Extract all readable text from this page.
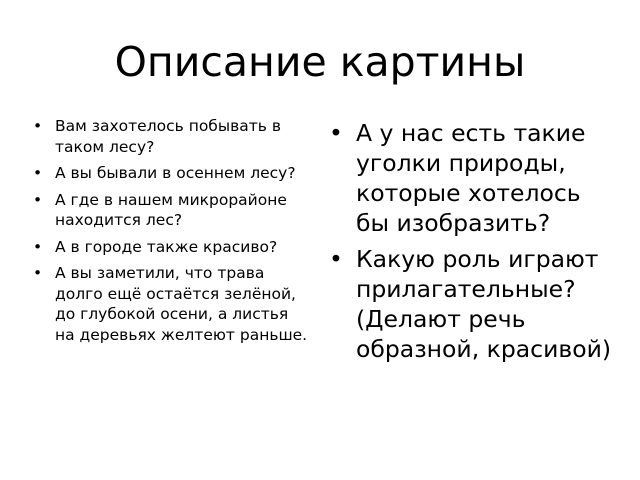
Описание картины
• Вам захотелось побывать в таком лесу?
• А вы бывали в осеннем лесу?
• А где в нашем микрорайоне находится лес?
• А в городе также красиво?
• А вы заметили, что трава долго ещё остаётся зелёной, до глубокой осени, а листья на деревьях желтеют раньше.
• А у нас есть такие уголки природы, которые хотелось бы изобразить?
• Какую роль играют прилагательные? (Делают речь образной, красивой)
